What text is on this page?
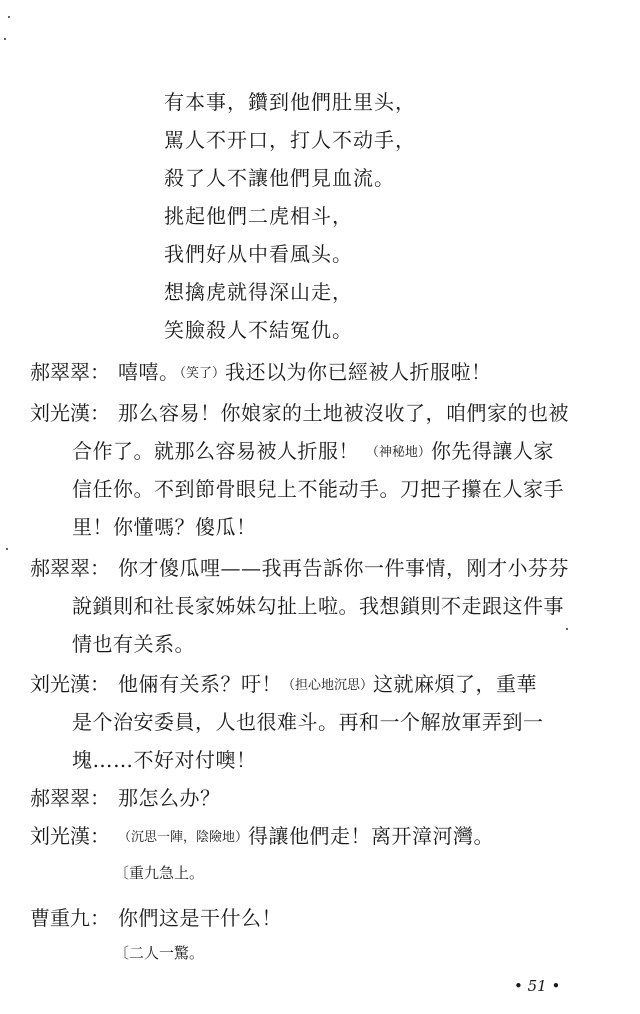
有本事，鑽到他們肚里头，
駡人不开口，打人不动手，
殺了人不讓他們見血流。
挑起他們二虎相斗，
我們好从中看風头。
想擒虎就得深山走，
笑臉殺人不結冤仇。
郝翠翠： 嘻嘻。（笑了）我还以为你已經被人折服啦！
刘光漢： 那么容易！你娘家的土地被沒收了，咱們家的也被
合作了。就那么容易被人折服！ （神秘地）你先得讓人家
信任你。不到節骨眼兒上不能动手。刀把子攥在人家手
里！你懂嗎？傻瓜！
郝翠翠： 你才傻瓜哩——我再告訴你一件事情，刚才小芬芬
說鎖則和社長家姊妹勾扯上啦。我想鎖則不走跟这件事
情也有关系。
刘光漢： 他倆有关系？吁！（担心地沉思）这就麻煩了，重華
是个治安委員，人也很难斗。再和一个解放軍弄到一
塊……不好对付噢！
郝翠翠： 那怎么办？
刘光漢： （沉思一陣，陰險地）得讓他們走！离开漳河灣。
〔重九急上。
曹重九： 你們这是干什么！
〔二人一驚。
• 51 •
